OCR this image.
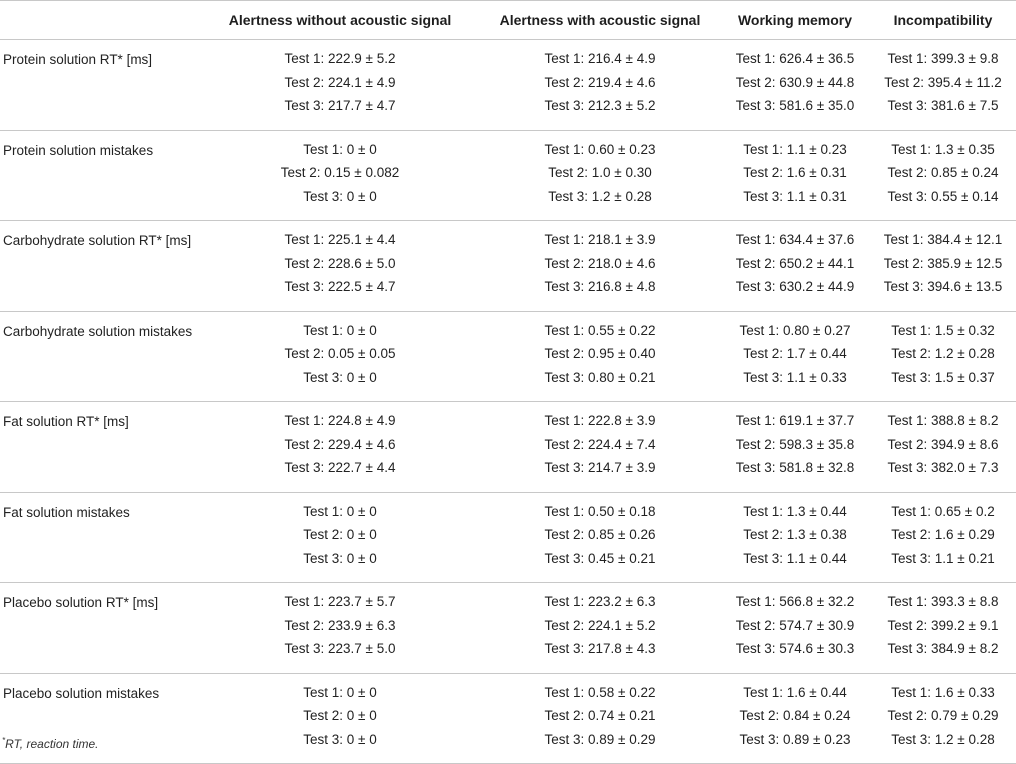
	Alertness without acoustic signal	Alertness with acoustic signal	Working memory	Incompatibility
Protein solution RT* [ms]	Test 1: 222.9 ± 5.2
Test 2: 224.1 ± 4.9
Test 3: 217.7 ± 4.7	Test 1: 216.4 ± 4.9
Test 2: 219.4 ± 4.6
Test 3: 212.3 ± 5.2	Test 1: 626.4 ± 36.5
Test 2: 630.9 ± 44.8
Test 3: 581.6 ± 35.0	Test 1: 399.3 ± 9.8
Test 2: 395.4 ± 11.2
Test 3: 381.6 ± 7.5

Protein solution mistakes	Test 1: 0 ± 0
Test 2: 0.15 ± 0.082
Test 3: 0 ± 0	Test 1: 0.60 ± 0.23
Test 2: 1.0 ± 0.30
Test 3: 1.2 ± 0.28	Test 1: 1.1 ± 0.23
Test 2: 1.6 ± 0.31
Test 3: 1.1 ± 0.31	Test 1: 1.3 ± 0.35
Test 2: 0.85 ± 0.24
Test 3: 0.55 ± 0.14

Carbohydrate solution RT* [ms]	Test 1: 225.1 ± 4.4
Test 2: 228.6 ± 5.0
Test 3: 222.5 ± 4.7	Test 1: 218.1 ± 3.9
Test 2: 218.0 ± 4.6
Test 3: 216.8 ± 4.8	Test 1: 634.4 ± 37.6
Test 2: 650.2 ± 44.1
Test 3: 630.2 ± 44.9	Test 1: 384.4 ± 12.1
Test 2: 385.9 ± 12.5
Test 3: 394.6 ± 13.5

Carbohydrate solution mistakes	Test 1: 0 ± 0
Test 2: 0.05 ± 0.05
Test 3: 0 ± 0	Test 1: 0.55 ± 0.22
Test 2: 0.95 ± 0.40
Test 3: 0.80 ± 0.21	Test 1: 0.80 ± 0.27
Test 2: 1.7 ± 0.44
Test 3: 1.1 ± 0.33	Test 1: 1.5 ± 0.32
Test 2: 1.2 ± 0.28
Test 3: 1.5 ± 0.37

Fat solution RT* [ms]	Test 1: 224.8 ± 4.9
Test 2: 229.4 ± 4.6
Test 3: 222.7 ± 4.4	Test 1: 222.8 ± 3.9
Test 2: 224.4 ± 7.4
Test 3: 214.7 ± 3.9	Test 1: 619.1 ± 37.7
Test 2: 598.3 ± 35.8
Test 3: 581.8 ± 32.8	Test 1: 388.8 ± 8.2
Test 2: 394.9 ± 8.6
Test 3: 382.0 ± 7.3

Fat solution mistakes	Test 1: 0 ± 0
Test 2: 0 ± 0
Test 3: 0 ± 0	Test 1: 0.50 ± 0.18
Test 2: 0.85 ± 0.26
Test 3: 0.45 ± 0.21	Test 1: 1.3 ± 0.44
Test 2: 1.3 ± 0.38
Test 3: 1.1 ± 0.44	Test 1: 0.65 ± 0.2
Test 2: 1.6 ± 0.29
Test 3: 1.1 ± 0.21

Placebo solution RT* [ms]	Test 1: 223.7 ± 5.7
Test 2: 233.9 ± 6.3
Test 3: 223.7 ± 5.0	Test 1: 223.2 ± 6.3
Test 2: 224.1 ± 5.2
Test 3: 217.8 ± 4.3	Test 1: 566.8 ± 32.2
Test 2: 574.7 ± 30.9
Test 3: 574.6 ± 30.3	Test 1: 393.3 ± 8.8
Test 2: 399.2 ± 9.1
Test 3: 384.9 ± 8.2

Placebo solution mistakes	Test 1: 0 ± 0
Test 2: 0 ± 0
Test 3: 0 ± 0	Test 1: 0.58 ± 0.22
Test 2: 0.74 ± 0.21
Test 3: 0.89 ± 0.29	Test 1: 1.6 ± 0.44
Test 2: 0.84 ± 0.24
Test 3: 0.89 ± 0.23	Test 1: 1.6 ± 0.33
Test 2: 0.79 ± 0.29
Test 3: 1.2 ± 0.28
*RT, reaction time.
